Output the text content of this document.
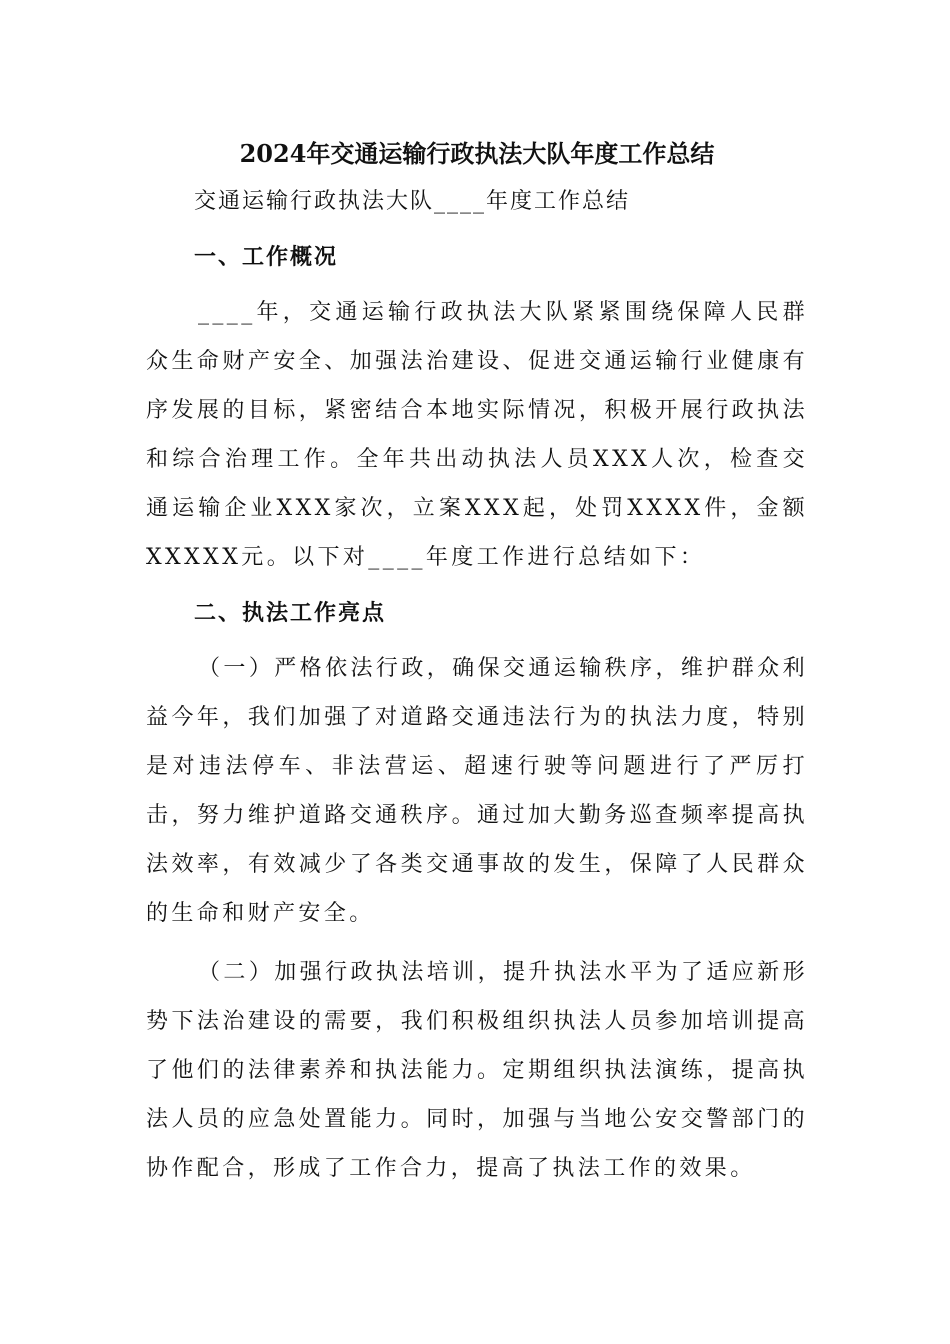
2024年交通运输行政执法大队年度工作总结
交通运输行政执法大队____年度工作总结
一、工作概况

____年，交通运输行政执法大队紧紧围绕保障人民群众生命财产安全、加强法治建设、促进交通运输行业健康有序发展的目标，紧密结合本地实际情况，积极开展行政执法和综合治理工作。全年共出动执法人员XXX人次，检查交通运输企业XXX家次，立案XXX起，处罚XXXX件，金额XXXXX元。以下对____年度工作进行总结如下：

二、执法工作亮点

（一）严格依法行政，确保交通运输秩序，维护群众利益今年，我们加强了对道路交通违法行为的执法力度，特别是对违法停车、非法营运、超速行驶等问题进行了严厉打击，努力维护道路交通秩序。通过加大勤务巡查频率提高执法效率，有效减少了各类交通事故的发生，保障了人民群众的生命和财产安全。

（二）加强行政执法培训，提升执法水平为了适应新形势下法治建设的需要，我们积极组织执法人员参加培训提高了他们的法律素养和执法能力。定期组织执法演练，提高执法人员的应急处置能力。同时，加强与当地公安交警部门的协作配合，形成了工作合力，提高了执法工作的效果。
